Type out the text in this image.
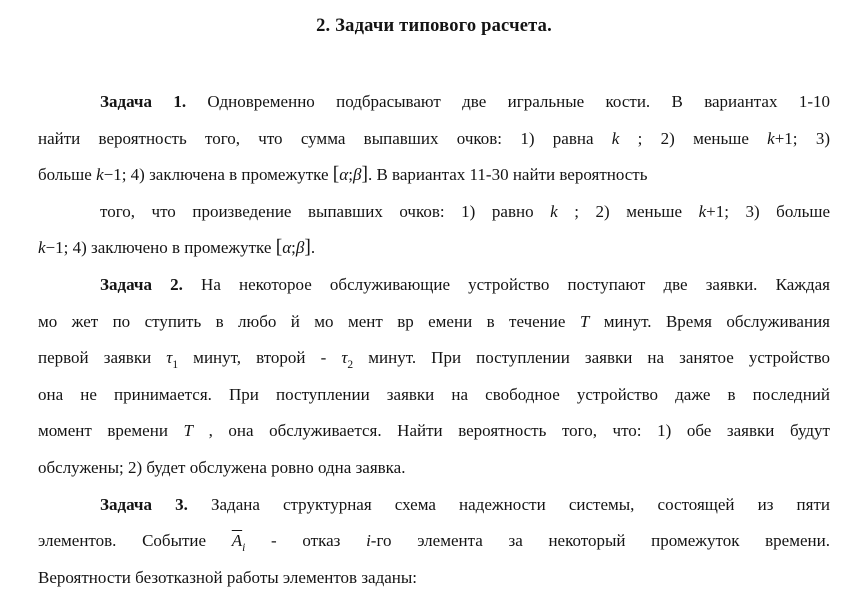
2. Задачи типового расчета.
Задача 1. Одновременно подбрасывают две игральные кости. В вариантах 1-10
найти вероятность того, что сумма выпавших очков: 1) равна k ; 2) меньше k+1; 3)
больше k−1; 4) заключена в промежутке [α;β]. В вариантах 11-30 найти вероятность
того, что произведение выпавших очков: 1) равно k ; 2) меньше k+1; 3) больше
k−1; 4) заключено в промежутке [α;β].
Задача 2. На некоторое обслуживающие устройство поступают две заявки. Каждая
мо жет по ступить в любо й мо мент вр емени в течение T минут. Время обслуживания
первой заявки $\tau_1$ минут, второй - $\tau_2$ минут. При поступлении заявки на занятое устройство
она не принимается. При поступлении заявки на свободное устройство даже в последний
момент времени T , она обслуживается. Найти вероятность того, что: 1) обе заявки будут
обслужены; 2) будет обслужена ровно одна заявка.
Задача 3. Задана структурная схема надежности системы, состоящей из пяти
элементов. Событие $\overline{A}_i$ - отказ i-го элемента за некоторый промежуток времени.
Вероятности безотказной работы элементов заданы:
